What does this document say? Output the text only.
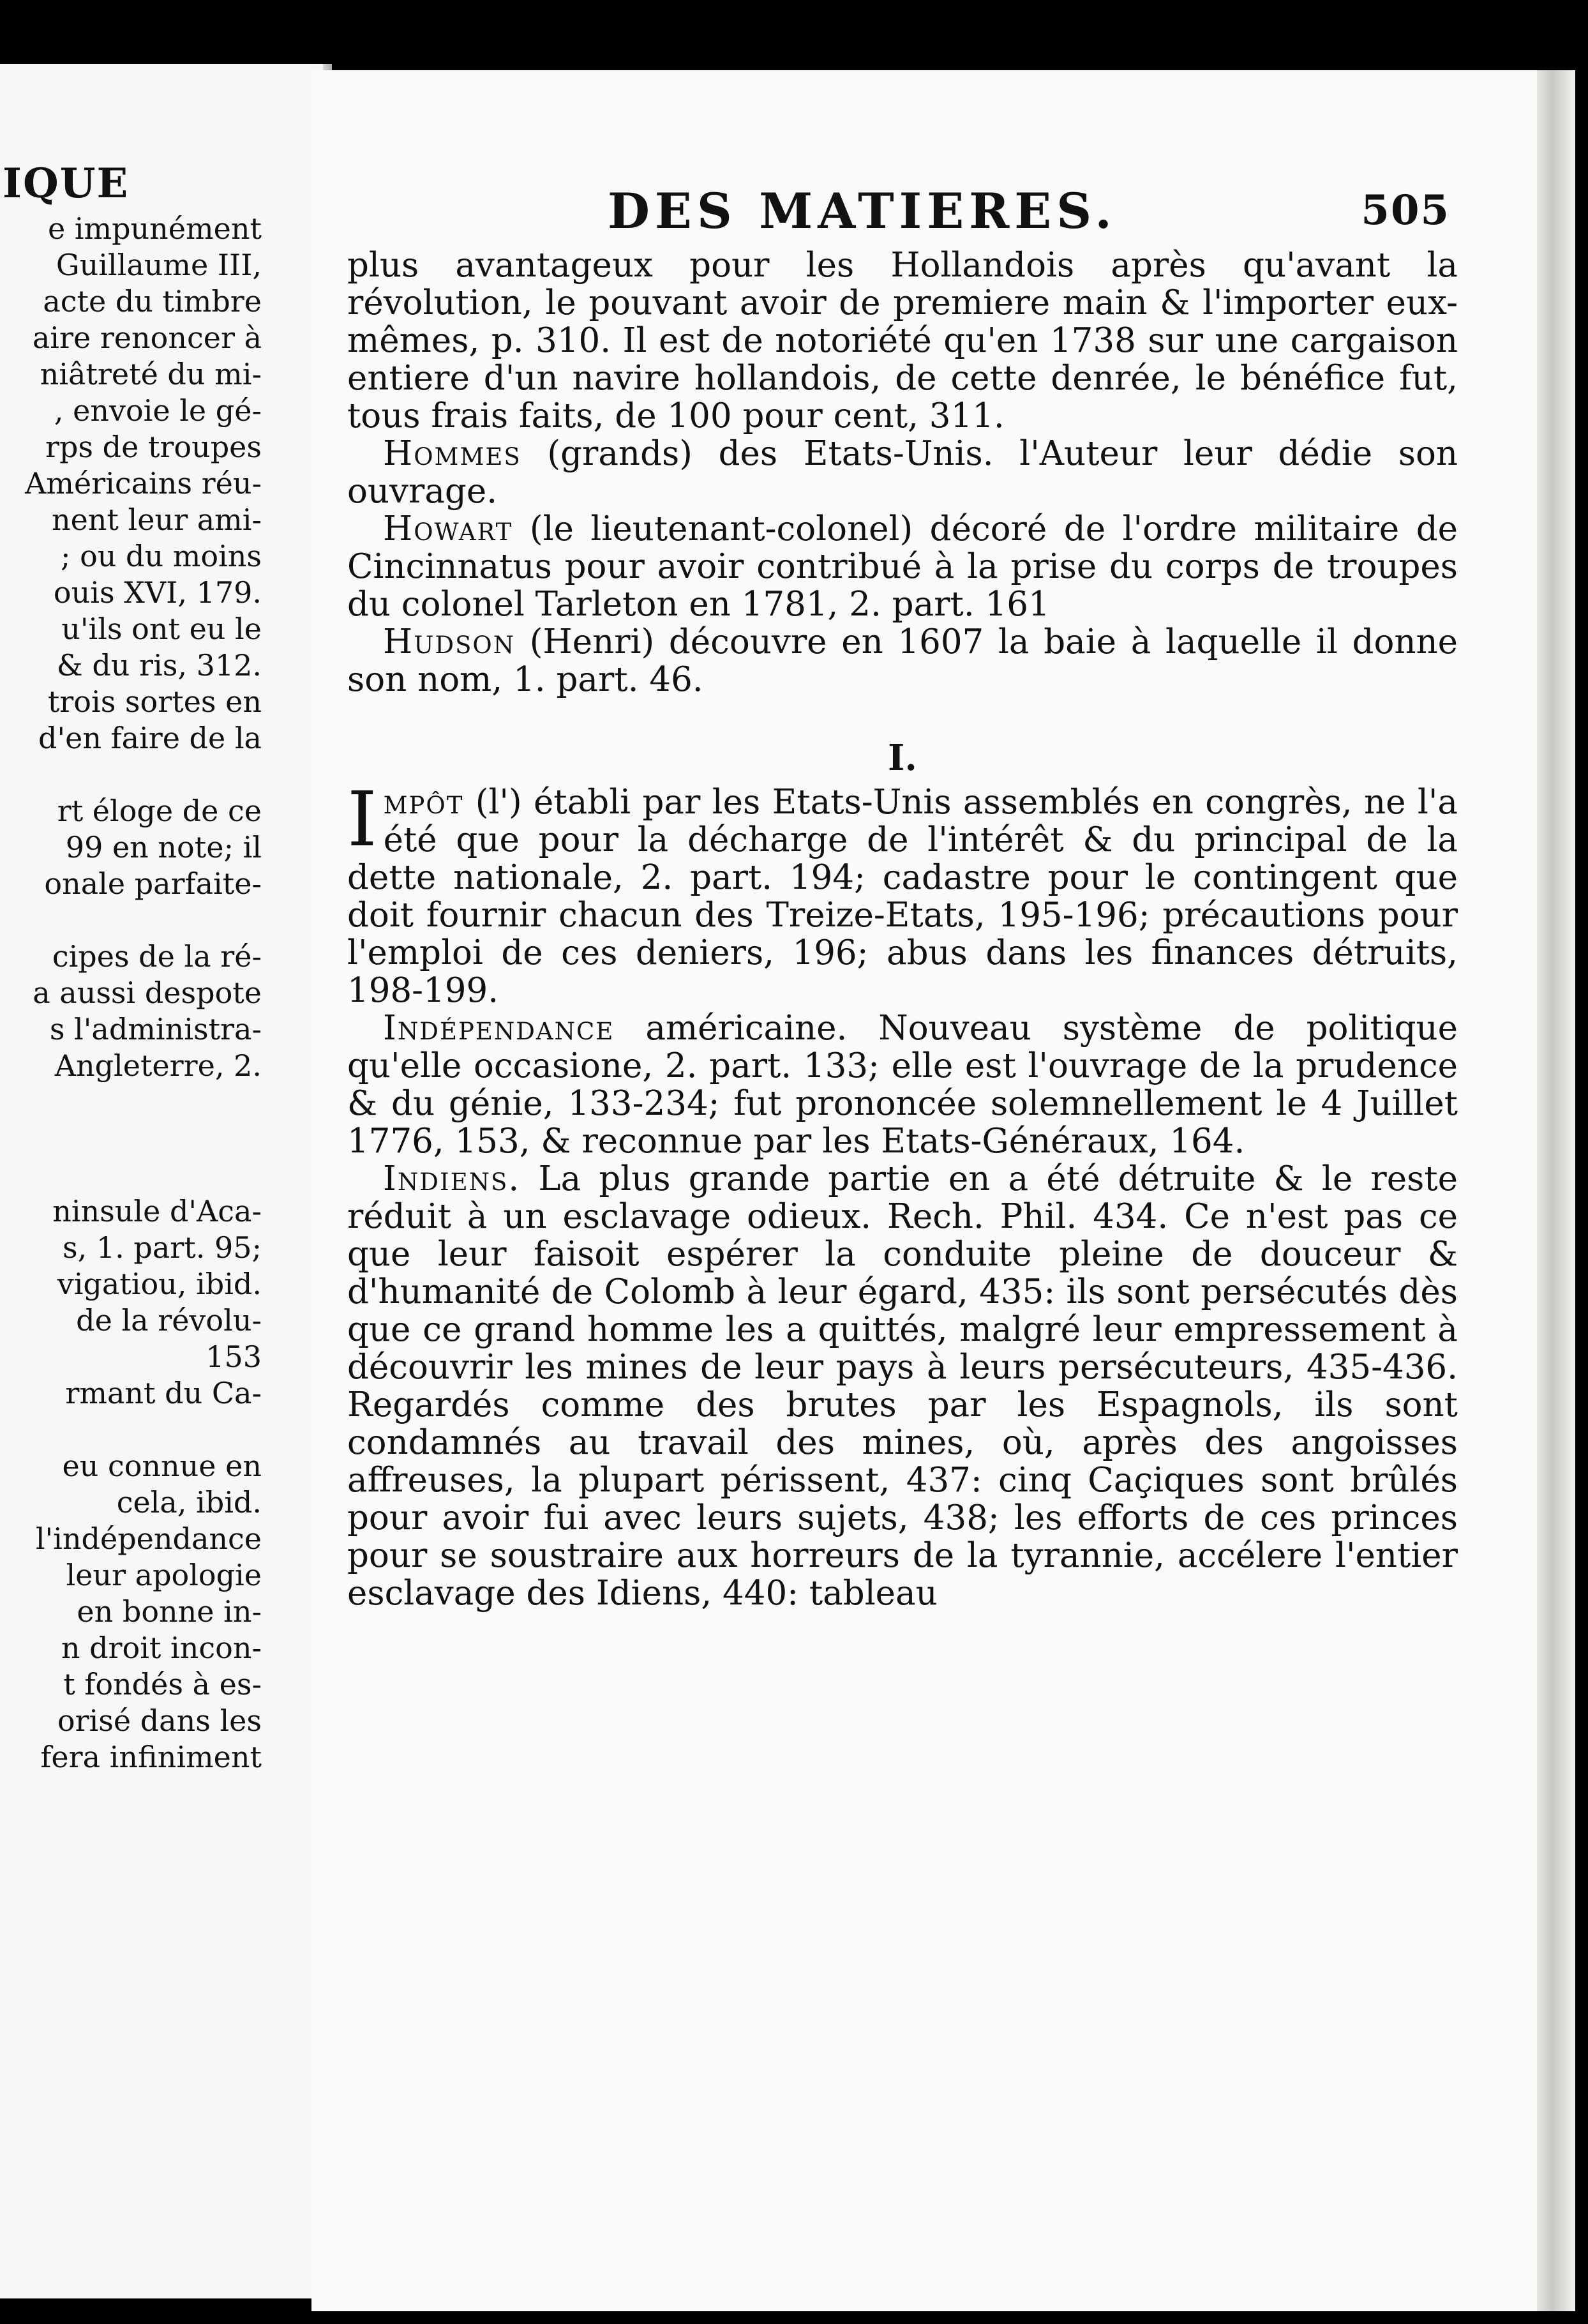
IQUE
e impunément
Guillaume III,
acte du timbre
aire renoncer à
niâtreté du mi-
, envoie le gé-
rps de troupes
Américains réu-
nent leur ami-
; ou du moins
ouis XVI, 179.
u'ils ont eu le
& du ris, 312.
trois sortes en
d'en faire de la
rt éloge de ce
99 en note; il
onale parfaite-
cipes de la ré-
a aussi despote
s l'administra-
Angleterre, 2.
ninsule d'Aca-
s, 1. part. 95;
vigatiou, ibid.
de la révolu-
153
rmant du Ca-
eu connue en
cela, ibid.
l'indépendance
leur apologie
en bonne in-
n droit incon-
t fondés à es-
orisé dans les
fera infiniment
DES MATIERES.	505

plus avantageux pour les Hollandois après qu'avant la révolution, le pouvant avoir de premiere main & l'importer eux-mêmes, p. 310. Il est de notoriété qu'en 1738 sur une cargaison entiere d'un navire hollandois, de cette denrée, le bénéfice fut, tous frais faits, de 100 pour cent, 311.

Hommes (grands) des Etats-Unis. l'Auteur leur dédie son ouvrage.

Howart (le lieutenant-colonel) décoré de l'ordre militaire de Cincinnatus pour avoir contribué à la prise du corps de troupes du colonel Tarleton en 1781, 2. part. 161

Hudson (Henri) découvre en 1607 la baie à laquelle il donne son nom, 1. part. 46.

I.

Impôt (l') établi par les Etats-Unis assemblés en congrès, ne l'a été que pour la décharge de l'intérêt & du principal de la dette nationale, 2. part. 194; cadastre pour le contingent que doit fournir chacun des Treize-Etats, 195-196; précautions pour l'emploi de ces deniers, 196; abus dans les finances détruits, 198-199.

Indépendance américaine. Nouveau système de politique qu'elle occasione, 2. part. 133; elle est l'ouvrage de la prudence & du génie, 133-234; fut prononcée solemnellement le 4 Juillet 1776, 153, & reconnue par les Etats-Généraux, 164.

Indiens. La plus grande partie en a été détruite & le reste réduit à un esclavage odieux. Rech. Phil. 434. Ce n'est pas ce que leur faisoit espérer la conduite pleine de douceur & d'humanité de Colomb à leur égard, 435: ils sont persécutés dès que ce grand homme les a quittés, malgré leur empressement à découvrir les mines de leur pays à leurs persécuteurs, 435-436. Regardés comme des brutes par les Espagnols, ils sont condamnés au travail des mines, où, après des angoisses affreuses, la plupart périssent, 437: cinq Caçiques sont brûlés pour avoir fui avec leurs sujets, 438; les efforts de ces princes pour se soustraire aux horreurs de la tyrannie, accélere l'entier esclavage des Idiens, 440: tableau
